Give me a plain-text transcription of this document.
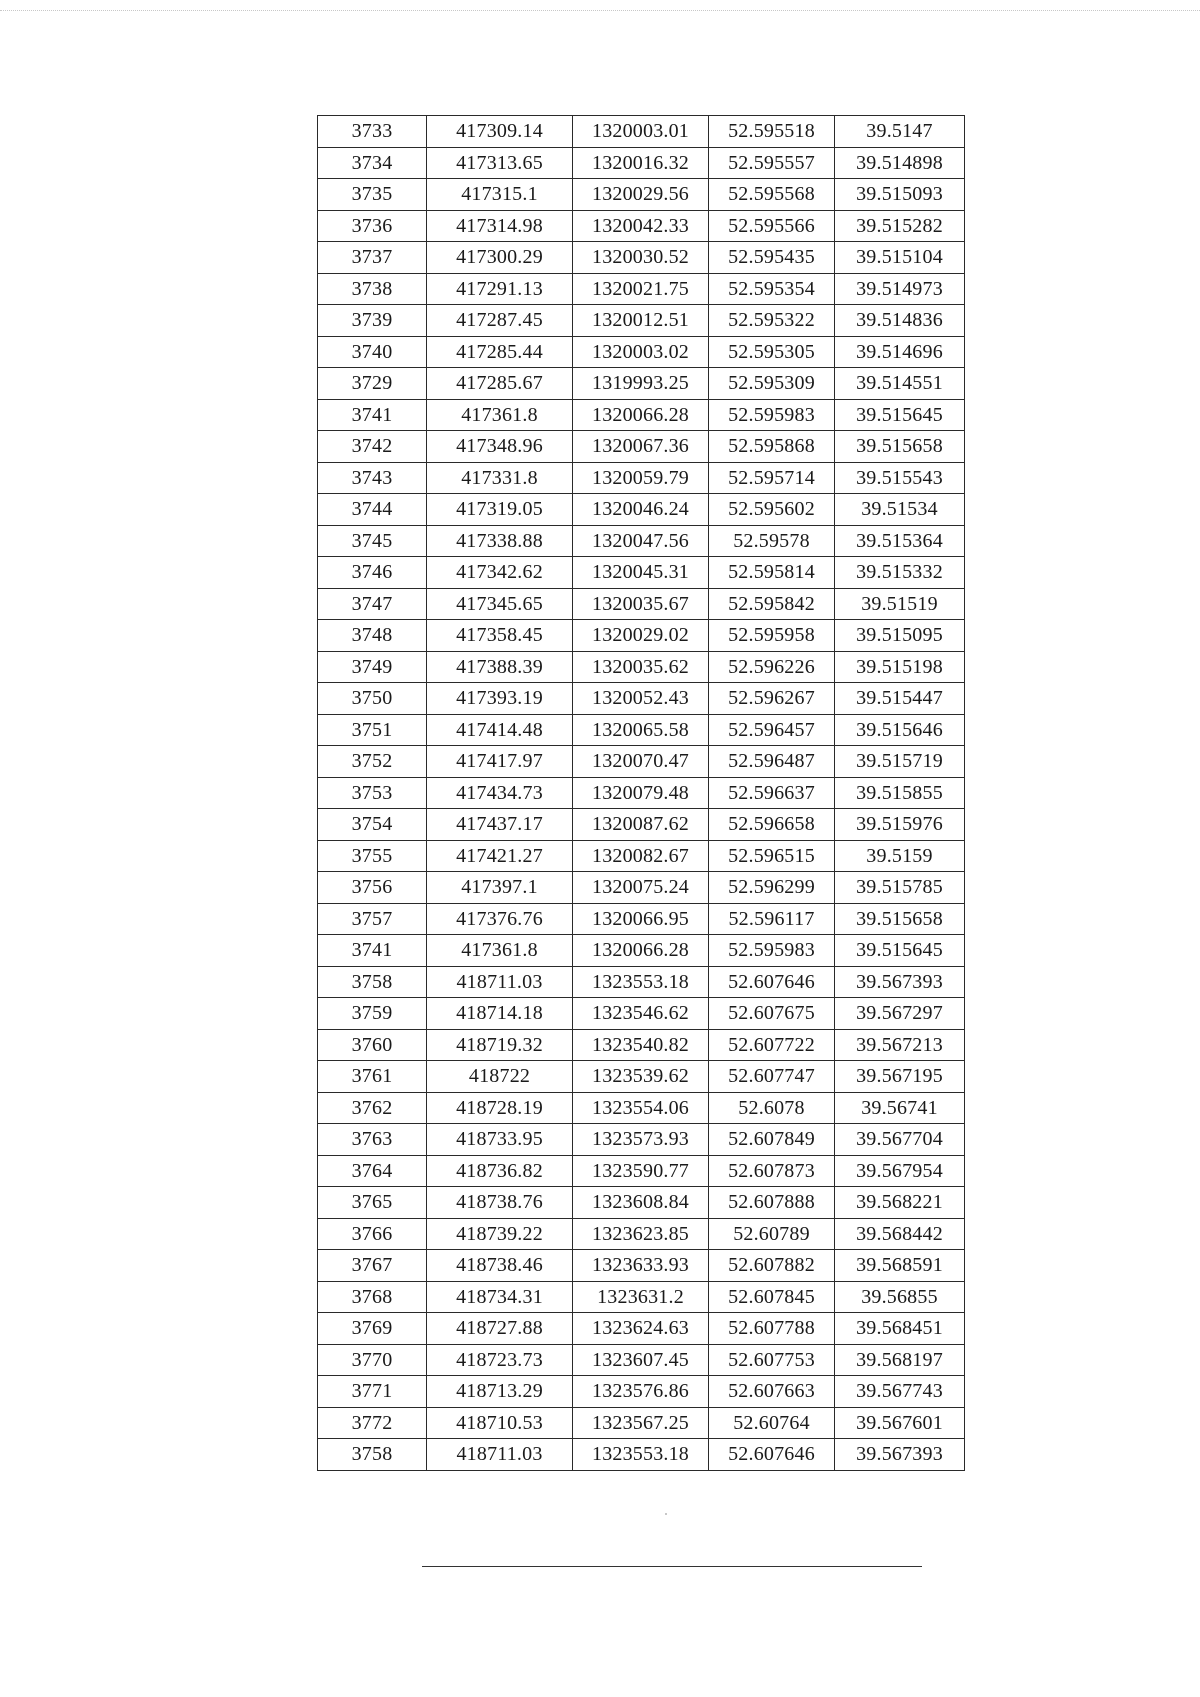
3733	417309.14	1320003.01	52.595518	39.5147
3734	417313.65	1320016.32	52.595557	39.514898
3735	417315.1	1320029.56	52.595568	39.515093
3736	417314.98	1320042.33	52.595566	39.515282
3737	417300.29	1320030.52	52.595435	39.515104
3738	417291.13	1320021.75	52.595354	39.514973
3739	417287.45	1320012.51	52.595322	39.514836
3740	417285.44	1320003.02	52.595305	39.514696
3729	417285.67	1319993.25	52.595309	39.514551
3741	417361.8	1320066.28	52.595983	39.515645
3742	417348.96	1320067.36	52.595868	39.515658
3743	417331.8	1320059.79	52.595714	39.515543
3744	417319.05	1320046.24	52.595602	39.51534
3745	417338.88	1320047.56	52.59578	39.515364
3746	417342.62	1320045.31	52.595814	39.515332
3747	417345.65	1320035.67	52.595842	39.51519
3748	417358.45	1320029.02	52.595958	39.515095
3749	417388.39	1320035.62	52.596226	39.515198
3750	417393.19	1320052.43	52.596267	39.515447
3751	417414.48	1320065.58	52.596457	39.515646
3752	417417.97	1320070.47	52.596487	39.515719
3753	417434.73	1320079.48	52.596637	39.515855
3754	417437.17	1320087.62	52.596658	39.515976
3755	417421.27	1320082.67	52.596515	39.5159
3756	417397.1	1320075.24	52.596299	39.515785
3757	417376.76	1320066.95	52.596117	39.515658
3741	417361.8	1320066.28	52.595983	39.515645
3758	418711.03	1323553.18	52.607646	39.567393
3759	418714.18	1323546.62	52.607675	39.567297
3760	418719.32	1323540.82	52.607722	39.567213
3761	418722	1323539.62	52.607747	39.567195
3762	418728.19	1323554.06	52.6078	39.56741
3763	418733.95	1323573.93	52.607849	39.567704
3764	418736.82	1323590.77	52.607873	39.567954
3765	418738.76	1323608.84	52.607888	39.568221
3766	418739.22	1323623.85	52.60789	39.568442
3767	418738.46	1323633.93	52.607882	39.568591
3768	418734.31	1323631.2	52.607845	39.56855
3769	418727.88	1323624.63	52.607788	39.568451
3770	418723.73	1323607.45	52.607753	39.568197
3771	418713.29	1323576.86	52.607663	39.567743
3772	418710.53	1323567.25	52.60764	39.567601
3758	418711.03	1323553.18	52.607646	39.567393
